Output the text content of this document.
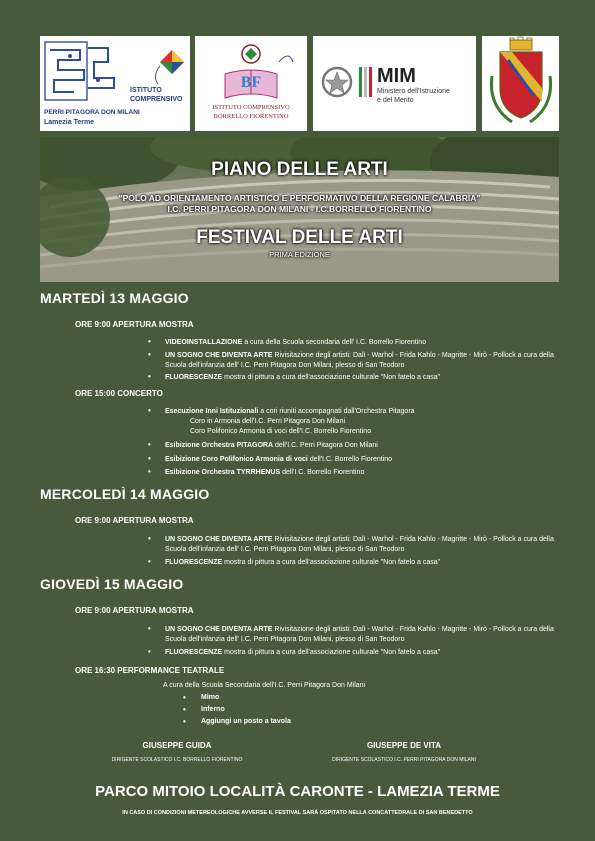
ISTITUTO
COMPRENSIVO
PERRI PITAGORA DON MILANI
Lamezia Terme
BF
ISTITUTO COMPRENSIVO
BORRELLO FIORENTINO
MIM
Ministero dell'Istruzione
e del Merito
PIANO DELLE ARTI
"POLO AD ORIENTAMENTO ARTISTICO E PERFORMATIVO DELLA REGIONE CALABRIA"
I.C. PERRI PITAGORA DON MILANI - I.C.BORRELLO FIORENTINO
FESTIVAL DELLE ARTI
PRIMA EDIZIONE
MARTEDÌ 13 MAGGIO
ORE 9:00 APERTURA MOSTRA
• VIDEOINSTALLAZIONE a cura della Scuola secondaria dell' I.C. Borrello Fiorentino
• UN SOGNO CHE DIVENTA ARTE Rivisitazione degli artisti: Dalì - Warhol - Frida Kahlo - Magritte - Mirò - Pollock a cura della Scuola dell'infanzia dell' I.C. Perri Pitagora Don Milani, plesso di San Teodoro
• FLUORESCENZE mostra di pittura a cura dell'associazione culturale "Non fatelo a casa"
ORE 15:00 CONCERTO
• Esecuzione Inni Istituzionali a cori riuniti accompagnati dall'Orchestra Pitagora
Coro in Armonia dell'I.C. Perri Pitagora Don Milani
Coro Polifonico Armonia di voci dell'I.C. Borrello Fiorentino
• Esibizione Orchestra PITAGORA dell'I.C. Perri Pitagora Don Milani
• Esibizione Coro Polifonico Armonia di voci dell'I.C. Borrello Fiorentino
• Esibizione Orchestra TYRRHENUS dell'I.C. Borrello Fiorentino
MERCOLEDÌ 14 MAGGIO
ORE 9:00 APERTURA MOSTRA
• UN SOGNO CHE DIVENTA ARTE Rivisitazione degli artisti: Dalì - Warhol - Frida Kahlo - Magritte - Mirò - Pollock a cura della Scuola dell'infanzia dell' I.C. Perri Pitagora Don Milani, plesso di San Teodoro
• FLUORESCENZE mostra di pittura a cura dell'associazione culturale "Non fatelo a casa"
GIOVEDÌ 15 MAGGIO
ORE 9:00 APERTURA MOSTRA
• UN SOGNO CHE DIVENTA ARTE Rivisitazione degli artisti: Dalì - Warhol - Frida Kahlo - Magritte - Mirò - Pollock a cura della Scuola dell'infanzia dell' I.C. Perri Pitagora Don Milani, plesso di San Teodoro
• FLUORESCENZE mostra di pittura a cura dell'associazione culturale "Non fatelo a casa"
ORE 16:30 PERFORMANCE TEATRALE
A cura della Scuola Secondaria dell'I.C. Perri Pitagora Don Milani
• Mimo
• Inferno
• Aggiungi un posto a tavola
GIUSEPPE GUIDA
DIRIGENTE SCOLASTICO I.C. BORRELLO FIORENTINO
GIUSEPPE DE VITA
DIRIGENTE SCOLASTICO I.C. PERRI PITAGORA DON MILANI
PARCO MITOIO LOCALITÀ CARONTE - LAMEZIA TERME
IN CASO DI CONDIZIONI METEREOLOGICHE AVVERSE IL FESTIVAL SARÀ OSPITATO NELLA CONCATTEDRALE DI SAN BENEDETTO
